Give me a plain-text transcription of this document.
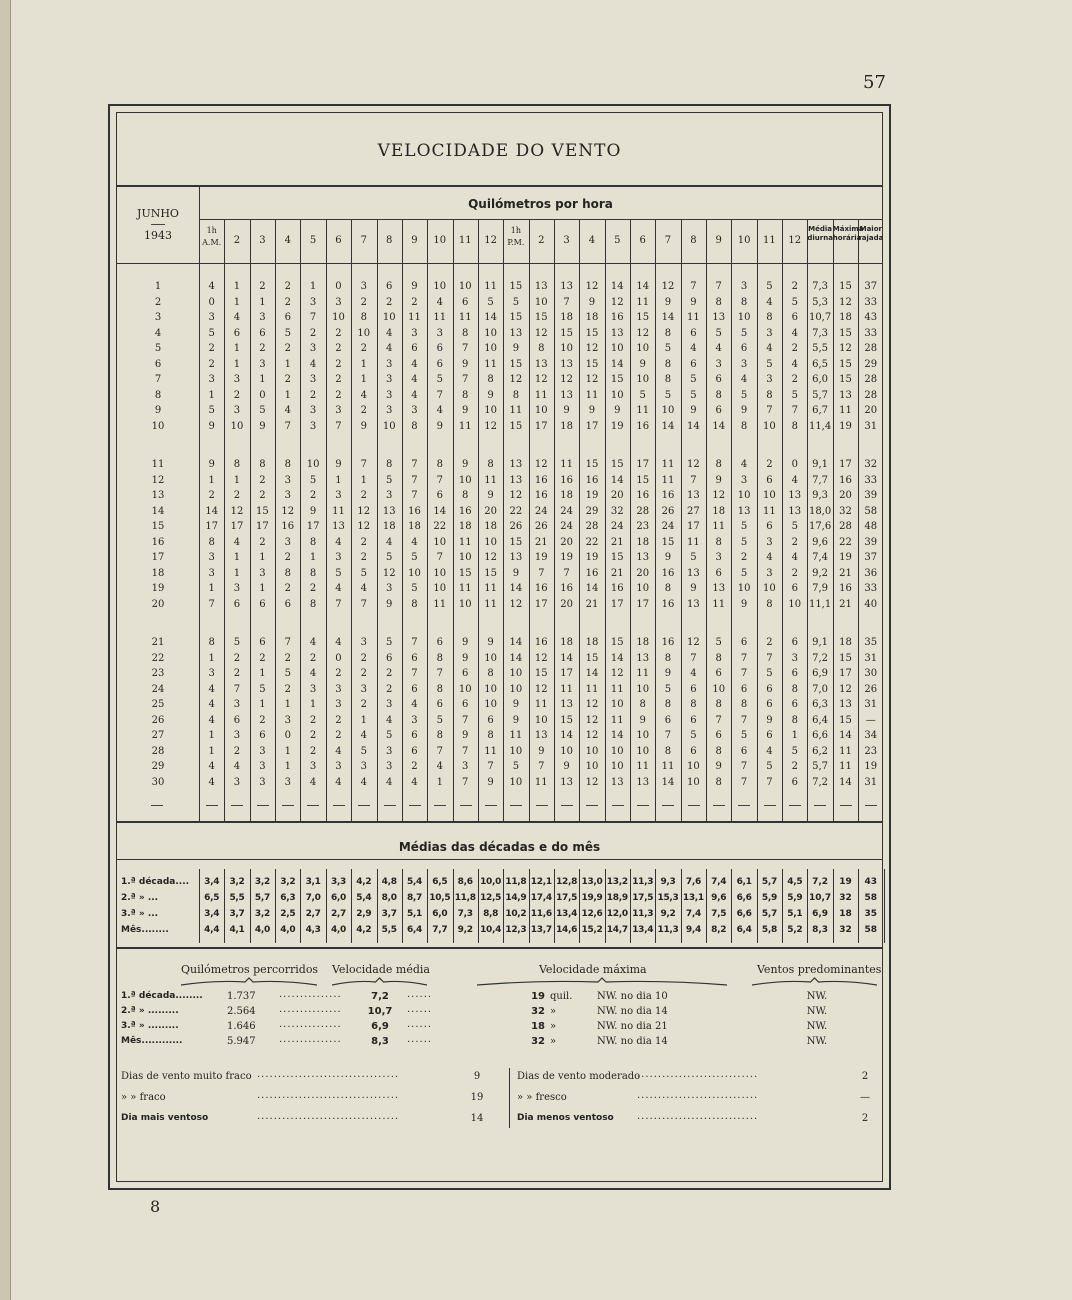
57
8
VELOCIDADE DO VENTO
JUNHO
1943
Quilómetros por hora
1h A.M.	2	3	4	5	6	7	8	9	10	11	12
1h P.M.	2	3	4	5	6	7	8	9	10	11	12
Média diurna
Máxima horária
Maior rajada
1	4	1	2	2	1	0	3	6	9	10	10	11	15	13	13	12	14	14	12	7	7	3	5	2	7,3	15	37
2	0	1	1	2	3	3	2	2	2	4	6	5	5	10	7	9	12	11	9	9	8	8	4	5	5,3	12	33
3	3	4	3	6	7	10	8	10	11	11	11	14	15	15	18	18	16	15	14	11	13	10	8	6	10,7 18	43
4	5	6	6	5	2	2	10	4	3	3	8	10	13	12	15	15	13	12	8	6	5	5	3	4	7,3	15	33
5	2	1	2	2	3	2	2	4	6	6	7	10	9	8	10	12	10	10	5	4	4	6	4	2	5,5	12	28
6	2	1	3	1	4	2	1	3	4	6	9	11	15	13	13	15	14	9	8	6	3	3	5	4	6,5	15	29
7	3	3	1	2	3	2	1	3	4	5	7	8	12	12	12	12	15	10	8	5	6	4	3	2	6,0	15	28
8	1	2	0	1	2	2	4	3	4	7	8	9	8	11	13	11	10	5	5	5	8	5	8	5	5,7	13	28
9	5	3	5	4	3	3	2	3	3	4	9	10	11	10	9	9	9	11	10	9	6	9	7	7	6,7	11	20
10	9	10	9	7	3	7	9	10	8	9	11	12	15	17	18	17	19	16	14	14	14	8	10	8	11,4 19	31
11	9	8	8	8	10	9	7	8	7	8	9	8	13	12	11	15	15	17	11	12	8	4	2	0	9,1	17	32
12	1	1	2	3	5	1	1	5	7	7	10	11	13	16	16	16	14	15	11	7	9	3	6	4	7,7	16	33
13	2	2	2	3	2	3	2	3	7	6	8	9	12	16	18	19	20	16	16	13	12	10	10	13	9,3	20	39
14	14	12	15	12	9	11	12	13	16	14	16	20	22	24	24	29	32	28	26	27	18	13	11	13 18,0 32	58
15	17	17	17	16	17	13	12	18	18	22	18	18	26	26	24	28	24	23	24	17	11	5	6	5	17,6 28	48
16	8	4	2	3	8	4	2	4	4	10	11	10	15	21	20	22	21	18	15	11	8	5	3	2	9,6	22	39
17	3	1	1	2	1	3	2	5	5	7	10	12	13	19	19	19	15	13	9	5	3	2	4	4	7,4	19	37
18	3	1	3	8	8	5	5	12	10	10	15	15	9	7	7	16	21	20	16	13	6	5	3	2	9,2	21	36
19	1	3	1	2	2	4	4	3	5	10	11	11	14	16	16	14	16	10	8	9	13	10	10	6	7,9	16	33
20	7	6	6	6	8	7	7	9	8	11	10	11	12	17	20	21	17	17	16	13	11	9	8	10 11,1 21	40
21	8	5	6	7	4	4	3	5	7	6	9	9	14	16	18	18	15	18	16	12	5	6	2	6	9,1	18	35
22	1	2	2	2	2	0	2	6	6	8	9	10	14	12	14	15	14	13	8	7	8	7	7	3	7,2	15	31
23	3	2	1	5	4	2	2	2	7	7	6	8	10	15	17	14	12	11	9	4	6	7	5	6	6,9	17	30
24	4	7	5	2	3	3	3	2	6	8	10	10	10	12	11	11	11	10	5	6	10	6	6	8	7,0	12	26
25	4	3	1	1	1	3	2	3	4	6	6	10	9	11	13	12	10	8	8	8	8	8	6	6	6,3	13	31
26	4	6	2	3	2	2	1	4	3	5	7	6	9	10	15	12	11	9	6	6	7	7	9	8	6,4	15	—
27	1	3	6	0	2	2	4	5	6	8	9	8	11	13	14	12	14	10	7	5	6	5	6	1	6,6	14	34
28	1	2	3	1	2	4	5	3	6	7	7	11	10	9	10	10	10	10	8	6	8	6	4	5	6,2	11	23
29	4	4	3	1	3	3	3	3	2	4	3	7	5	7	9	10	10	11	11	10	9	7	5	2	5,7	11	19
30	4	3	3	3	4	4	4	4	4	1	7	9	10	11	13	12	13	13	14	10	8	7	7	6	7,2	14	31
Médias das décadas e do mês
1.ª década....	3,4	3,2	3,2	3,2	3,1	3,3	4,2	4,8	5,4	6,5	8,6 10,0 11,8 12,1 12,8 13,0 13,2 11,3 9,3	7,6	7,4	6,1	5,7	4,5	7,2	19	43
2.ª » ...	6,5	5,5	5,7	6,3	7,0	6,0	5,4	8,0	8,7 10,5 11,8 12,5 14,9 17,4 17,5 19,9 18,9 17,5 15,3 13,1 9,6	6,6	5,9	5,9 10,7 32	58
3.ª » ...	3,4	3,7	3,2	2,5	2,7	2,7	2,9	3,7	5,1	6,0	7,3	8,8 10,2 11,6 13,4 12,6 12,0 11,3 9,2	7,4	7,5	6,6	5,7	5,1	6,9	18	35
Mês........	4,4	4,1	4,0	4,0	4,3	4,0	4,2	5,5	6,4	7,7	9,2 10,4 12,3 13,7 14,6 15,2 14,7 13,4 11,3 9,4	8,2	6,4	5,8	5,2	8,3	32	58
Quilómetros percorridos Velocidade média	Velocidade máxima	Ventos predominantes
1.ª década........ 1.737 ...............	7,2	......	19 quil. NW. no dia 10	NW.
2.ª » .........	2.564 ...............	10,7	......	32 »	NW. no dia 14	NW.
3.ª » .........	1.646 ...............	6,9	......	18 »	NW. no dia 21	NW.
Mês............	5.947 ...............	8,3	......	32 »	NW. no dia 14	NW.
Dias de vento muito fraco ..................................	9
» » fraco	..................................	19
Dia mais ventoso	..................................	14
Dias de vento moderado
.............................	2
» » fresco	.............................	—
Dia menos ventoso .............................	2
